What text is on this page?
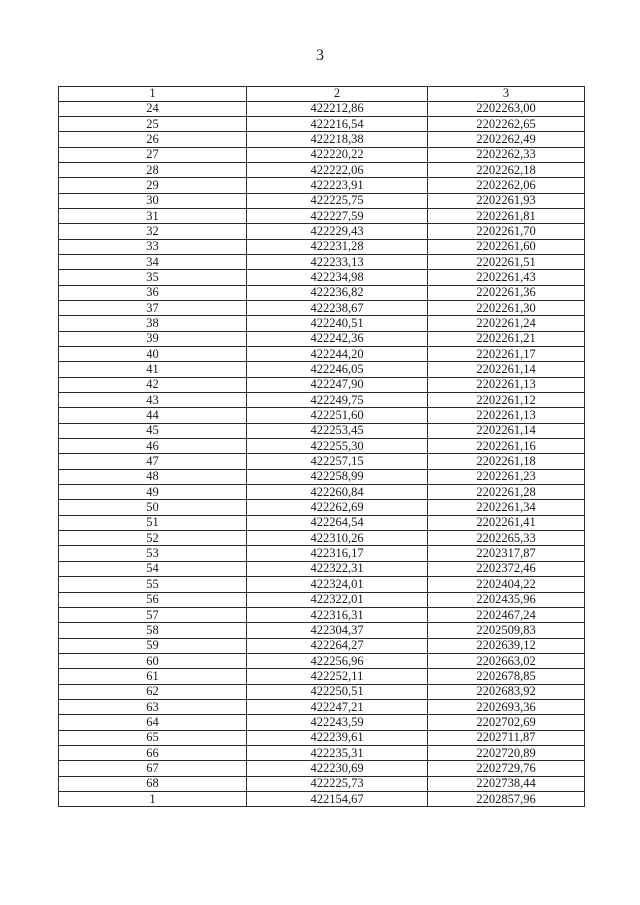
3
1	2	3
24	422212,86	2202263,00
25	422216,54	2202262,65
26	422218,38	2202262,49
27	422220,22	2202262,33
28	422222,06	2202262,18
29	422223,91	2202262,06
30	422225,75	2202261,93
31	422227,59	2202261,81
32	422229,43	2202261,70
33	422231,28	2202261,60
34	422233,13	2202261,51
35	422234,98	2202261,43
36	422236,82	2202261,36
37	422238,67	2202261,30
38	422240,51	2202261,24
39	422242,36	2202261,21
40	422244,20	2202261,17
41	422246,05	2202261,14
42	422247,90	2202261,13
43	422249,75	2202261,12
44	422251,60	2202261,13
45	422253,45	2202261,14
46	422255,30	2202261,16
47	422257,15	2202261,18
48	422258,99	2202261,23
49	422260,84	2202261,28
50	422262,69	2202261,34
51	422264,54	2202261,41
52	422310,26	2202265,33
53	422316,17	2202317,87
54	422322,31	2202372,46
55	422324,01	2202404,22
56	422322,01	2202435,96
57	422316,31	2202467,24
58	422304,37	2202509,83
59	422264,27	2202639,12
60	422256,96	2202663,02
61	422252,11	2202678,85
62	422250,51	2202683,92
63	422247,21	2202693,36
64	422243,59	2202702,69
65	422239,61	2202711,87
66	422235,31	2202720,89
67	422230,69	2202729,76
68	422225,73	2202738,44
1	422154,67	2202857,96
